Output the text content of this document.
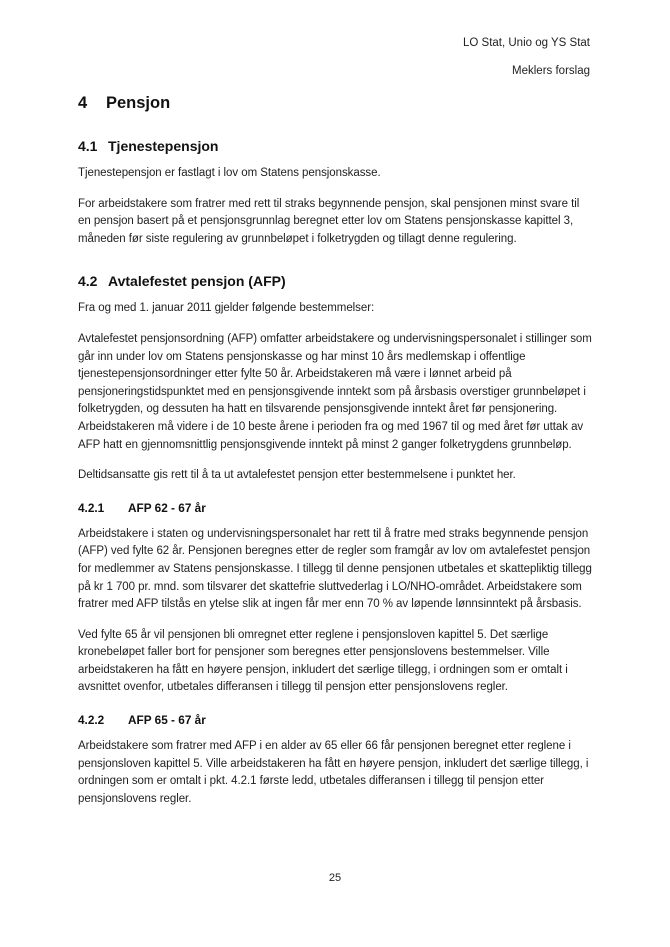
LO Stat, Unio og YS Stat
Meklers forslag
4	Pensjon
4.1 Tjenestepensjon

Tjenestepensjon er fastlagt i lov om Statens pensjonskasse.

For arbeidstakere som fratrer med rett til straks begynnende pensjon, skal pensjonen minst svare til en pensjon basert på et pensjonsgrunnlag beregnet etter lov om Statens pensjonskasse kapittel 3, måneden før siste regulering av grunnbeløpet i folketrygden og tillagt denne regulering.

4.2 Avtalefestet pensjon (AFP)

Fra og med 1. januar 2011 gjelder følgende bestemmelser:

Avtalefestet pensjonsordning (AFP) omfatter arbeidstakere og undervisningspersonalet i stillinger som går inn under lov om Statens pensjonskasse og har minst 10 års medlemskap i offentlige tjenestepensjonsordninger etter fylte 50 år. Arbeidstakeren må være i lønnet arbeid på pensjoneringstidspunktet med en pensjonsgivende inntekt som på årsbasis overstiger grunnbeløpet i folketrygden, og dessuten ha hatt en tilsvarende pensjonsgivende inntekt året før pensjonering. Arbeidstakeren må videre i de 10 beste årene i perioden fra og med 1967 til og med året før uttak av AFP hatt en gjennomsnittlig pensjonsgivende inntekt på minst 2 ganger folketrygdens grunnbeløp.

Deltidsansatte gis rett til å ta ut avtalefestet pensjon etter bestemmelsene i punktet her.

4.2.1	AFP 62 - 67 år

Arbeidstakere i staten og undervisningspersonalet har rett til å fratre med straks begynnende pensjon (AFP) ved fylte 62 år. Pensjonen beregnes etter de regler som framgår av lov om avtalefestet pensjon for medlemmer av Statens pensjonskasse. I tillegg til denne pensjonen utbetales et skattepliktig tillegg på kr 1 700 pr. mnd. som tilsvarer det skattefrie sluttvederlag i LO/NHO-området. Arbeidstakere som fratrer med AFP tilstås en ytelse slik at ingen får mer enn 70 % av løpende lønnsinntekt på årsbasis.

Ved fylte 65 år vil pensjonen bli omregnet etter reglene i pensjonsloven kapittel 5. Det særlige kronebeløpet faller bort for pensjoner som beregnes etter pensjonslovens bestemmelser. Ville arbeidstakeren ha fått en høyere pensjon, inkludert det særlige tillegg, i ordningen som er omtalt i avsnittet ovenfor, utbetales differansen i tillegg til pensjon etter pensjonslovens regler.

4.2.2	AFP 65 - 67 år

Arbeidstakere som fratrer med AFP i en alder av 65 eller 66 får pensjonen beregnet etter reglene i pensjonsloven kapittel 5. Ville arbeidstakeren ha fått en høyere pensjon, inkludert det særlige tillegg, i ordningen som er omtalt i pkt. 4.2.1 første ledd, utbetales differansen i tillegg til pensjon etter pensjonslovens regler.

25
